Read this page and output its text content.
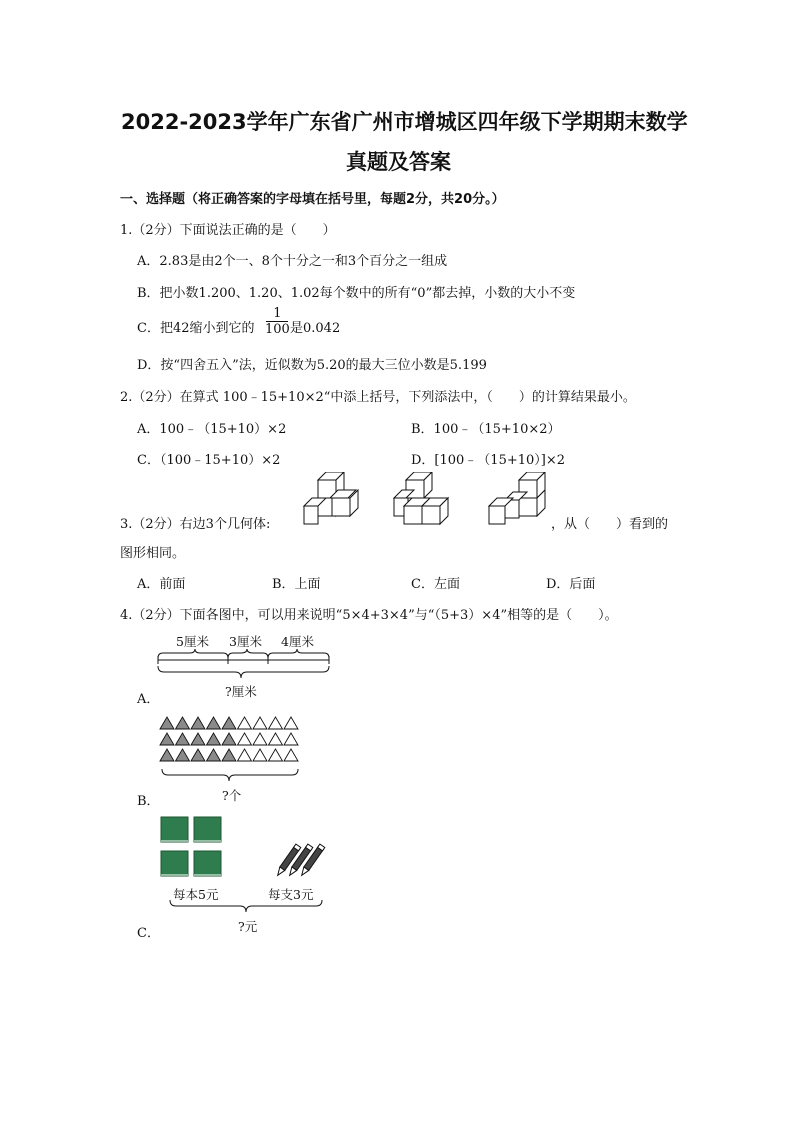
2022-2023学年广东省广州市增城区四年级下学期期末数学
真题及答案
一、选择题（将正确答案的字母填在括号里，每题2分，共20分。）
1.（2分）下面说法正确的是（　　）
A．2.83是由2个一、8个十分之一和3个百分之一组成
B．把小数1.200、1.20、1.02每个数中的所有“0”都去掉，小数的大小不变
C．把42缩小到它的
1
100 是0.042
D．按“四舍五入”法，近似数为5.20的最大三位小数是5.199
2.（2分）在算式 100﹣15+10×2“中添上括号，下列添法中，（　　）的计算结果最小。
A．100﹣（15+10）×2	B．100﹣（15+10×2）
C．（100﹣15+10）×2	D．[100﹣（15+10）]×2
3.（2分）右边3个几何体:	，从（　　）看到的
图形相同。
A．前面	B．上面	C．左面	D．后面
4.（2分）下面各图中，可以用来说明“5×4+3×4”与“（5+3）×4”相等的是（　　）。
5厘米 3厘米 4厘米
?厘米
A．
?个
B．
每本5元	每支3元
?元
C．
